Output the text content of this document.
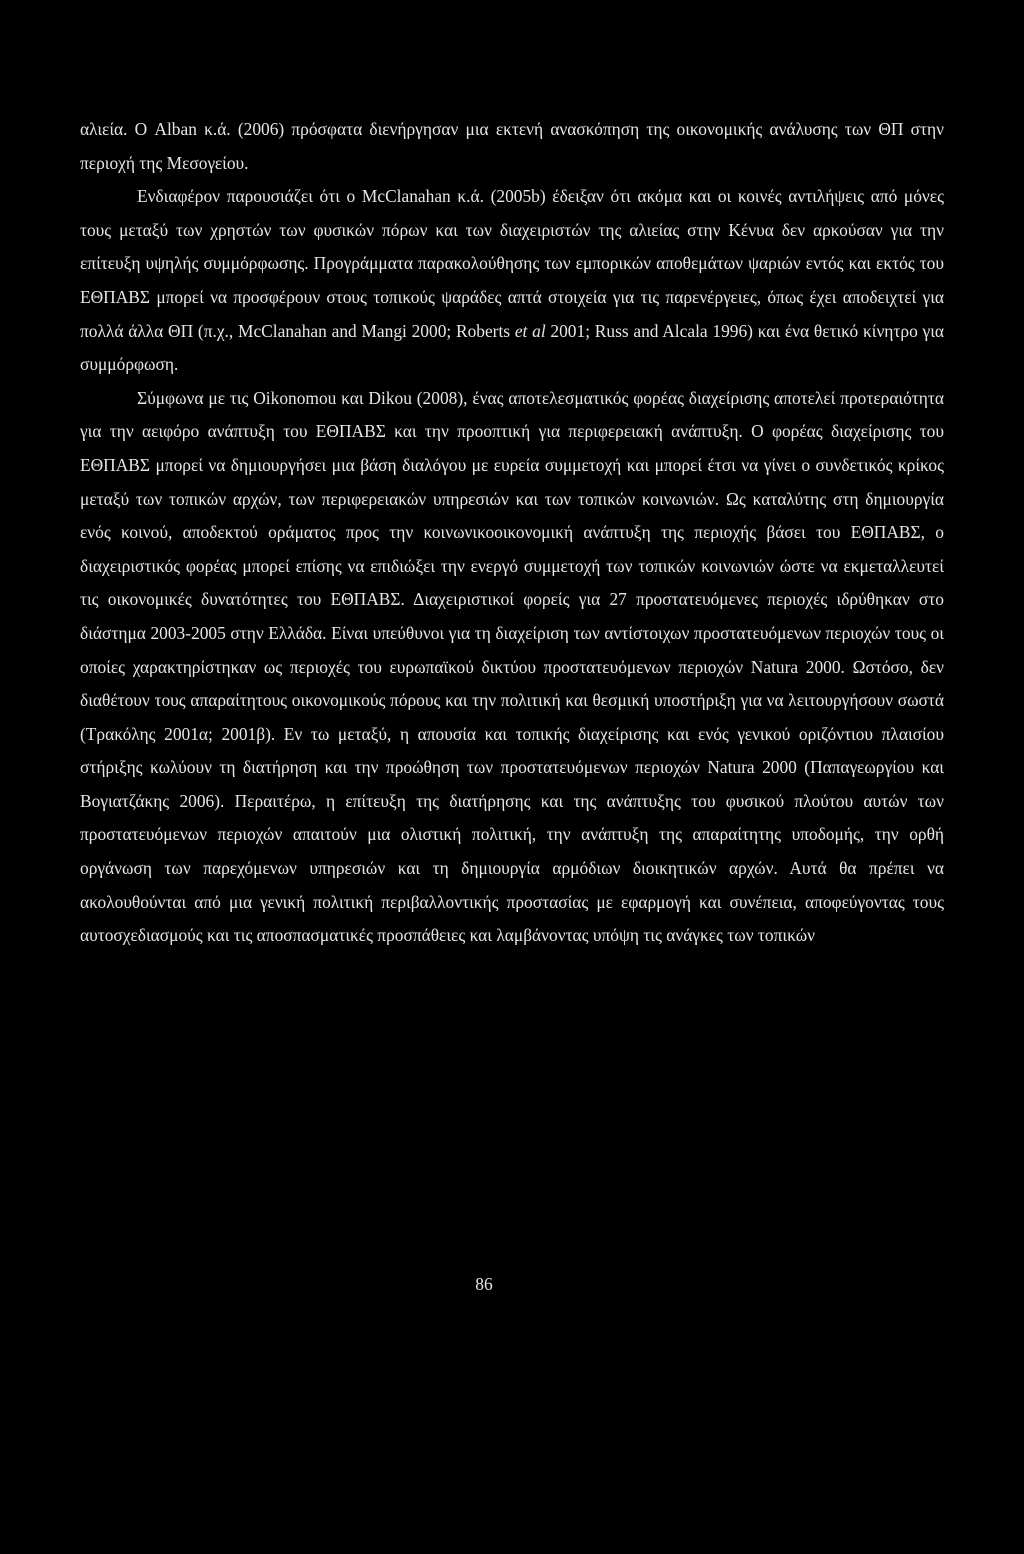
αλιεία. Ο Alban κ.ά. (2006) πρόσφατα διενήργησαν μια εκτενή ανασκόπηση της οικονομικής ανάλυσης των ΘΠ στην περιοχή της Μεσογείου.

Ενδιαφέρον παρουσιάζει ότι ο McClanahan κ.ά. (2005b) έδειξαν ότι ακόμα και οι κοινές αντιλήψεις από μόνες τους μεταξύ των χρηστών των φυσικών πόρων και των διαχειριστών της αλιείας στην Κένυα δεν αρκούσαν για την επίτευξη υψηλής συμμόρφωσης. Προγράμματα παρακολούθησης των εμπορικών αποθεμάτων ψαριών εντός και εκτός του ΕΘΠΑΒΣ μπορεί να προσφέρουν στους τοπικούς ψαράδες απτά στοιχεία για τις παρενέργειες, όπως έχει αποδειχτεί για πολλά άλλα ΘΠ (π.χ., McClanahan and Mangi 2000; Roberts et al 2001; Russ and Alcala 1996) και ένα θετικό κίνητρο για συμμόρφωση.

Σύμφωνα με τις Oikonomou και Dikou (2008), ένας αποτελεσματικός φορέας διαχείρισης αποτελεί προτεραιότητα για την αειφόρο ανάπτυξη του ΕΘΠΑΒΣ και την προοπτική για περιφερειακή ανάπτυξη. Ο φορέας διαχείρισης του ΕΘΠΑΒΣ μπορεί να δημιουργήσει μια βάση διαλόγου με ευρεία συμμετοχή και μπορεί έτσι να γίνει ο συνδετικός κρίκος μεταξύ των τοπικών αρχών, των περιφερειακών υπηρεσιών και των τοπικών κοινωνιών. Ως καταλύτης στη δημιουργία ενός κοινού, αποδεκτού οράματος προς την κοινωνικοοικονομική ανάπτυξη της περιοχής βάσει του ΕΘΠΑΒΣ, ο διαχειριστικός φορέας μπορεί επίσης να επιδιώξει την ενεργό συμμετοχή των τοπικών κοινωνιών ώστε να εκμεταλλευτεί τις οικονομικές δυνατότητες του ΕΘΠΑΒΣ. Διαχειριστικοί φορείς για 27 προστατευόμενες περιοχές ιδρύθηκαν στο διάστημα 2003-2005 στην Ελλάδα. Είναι υπεύθυνοι για τη διαχείριση των αντίστοιχων προστατευόμενων περιοχών τους οι οποίες χαρακτηρίστηκαν ως περιοχές του ευρωπαϊκού δικτύου προστατευόμενων περιοχών Natura 2000. Ωστόσο, δεν διαθέτουν τους απαραίτητους οικονομικούς πόρους και την πολιτική και θεσμική υποστήριξη για να λειτουργήσουν σωστά (Τρακόλης 2001α; 2001β). Εν τω μεταξύ, η απουσία και τοπικής διαχείρισης και ενός γενικού οριζόντιου πλαισίου στήριξης κωλύουν τη διατήρηση και την προώθηση των προστατευόμενων περιοχών Natura 2000 (Παπαγεωργίου και Βογιατζάκης 2006). Περαιτέρω, η επίτευξη της διατήρησης και της ανάπτυξης του φυσικού πλούτου αυτών των προστατευόμενων περιοχών απαιτούν μια ολιστική πολιτική, την ανάπτυξη της απαραίτητης υποδομής, την ορθή οργάνωση των παρεχόμενων υπηρεσιών και τη δημιουργία αρμόδιων διοικητικών αρχών. Αυτά θα πρέπει να ακολουθούνται από μια γενική πολιτική περιβαλλοντικής προστασίας με εφαρμογή και συνέπεια, αποφεύγοντας τους αυτοσχεδιασμούς και τις αποσπασματικές προσπάθειες και λαμβάνοντας υπόψη τις ανάγκες των τοπικών

86
